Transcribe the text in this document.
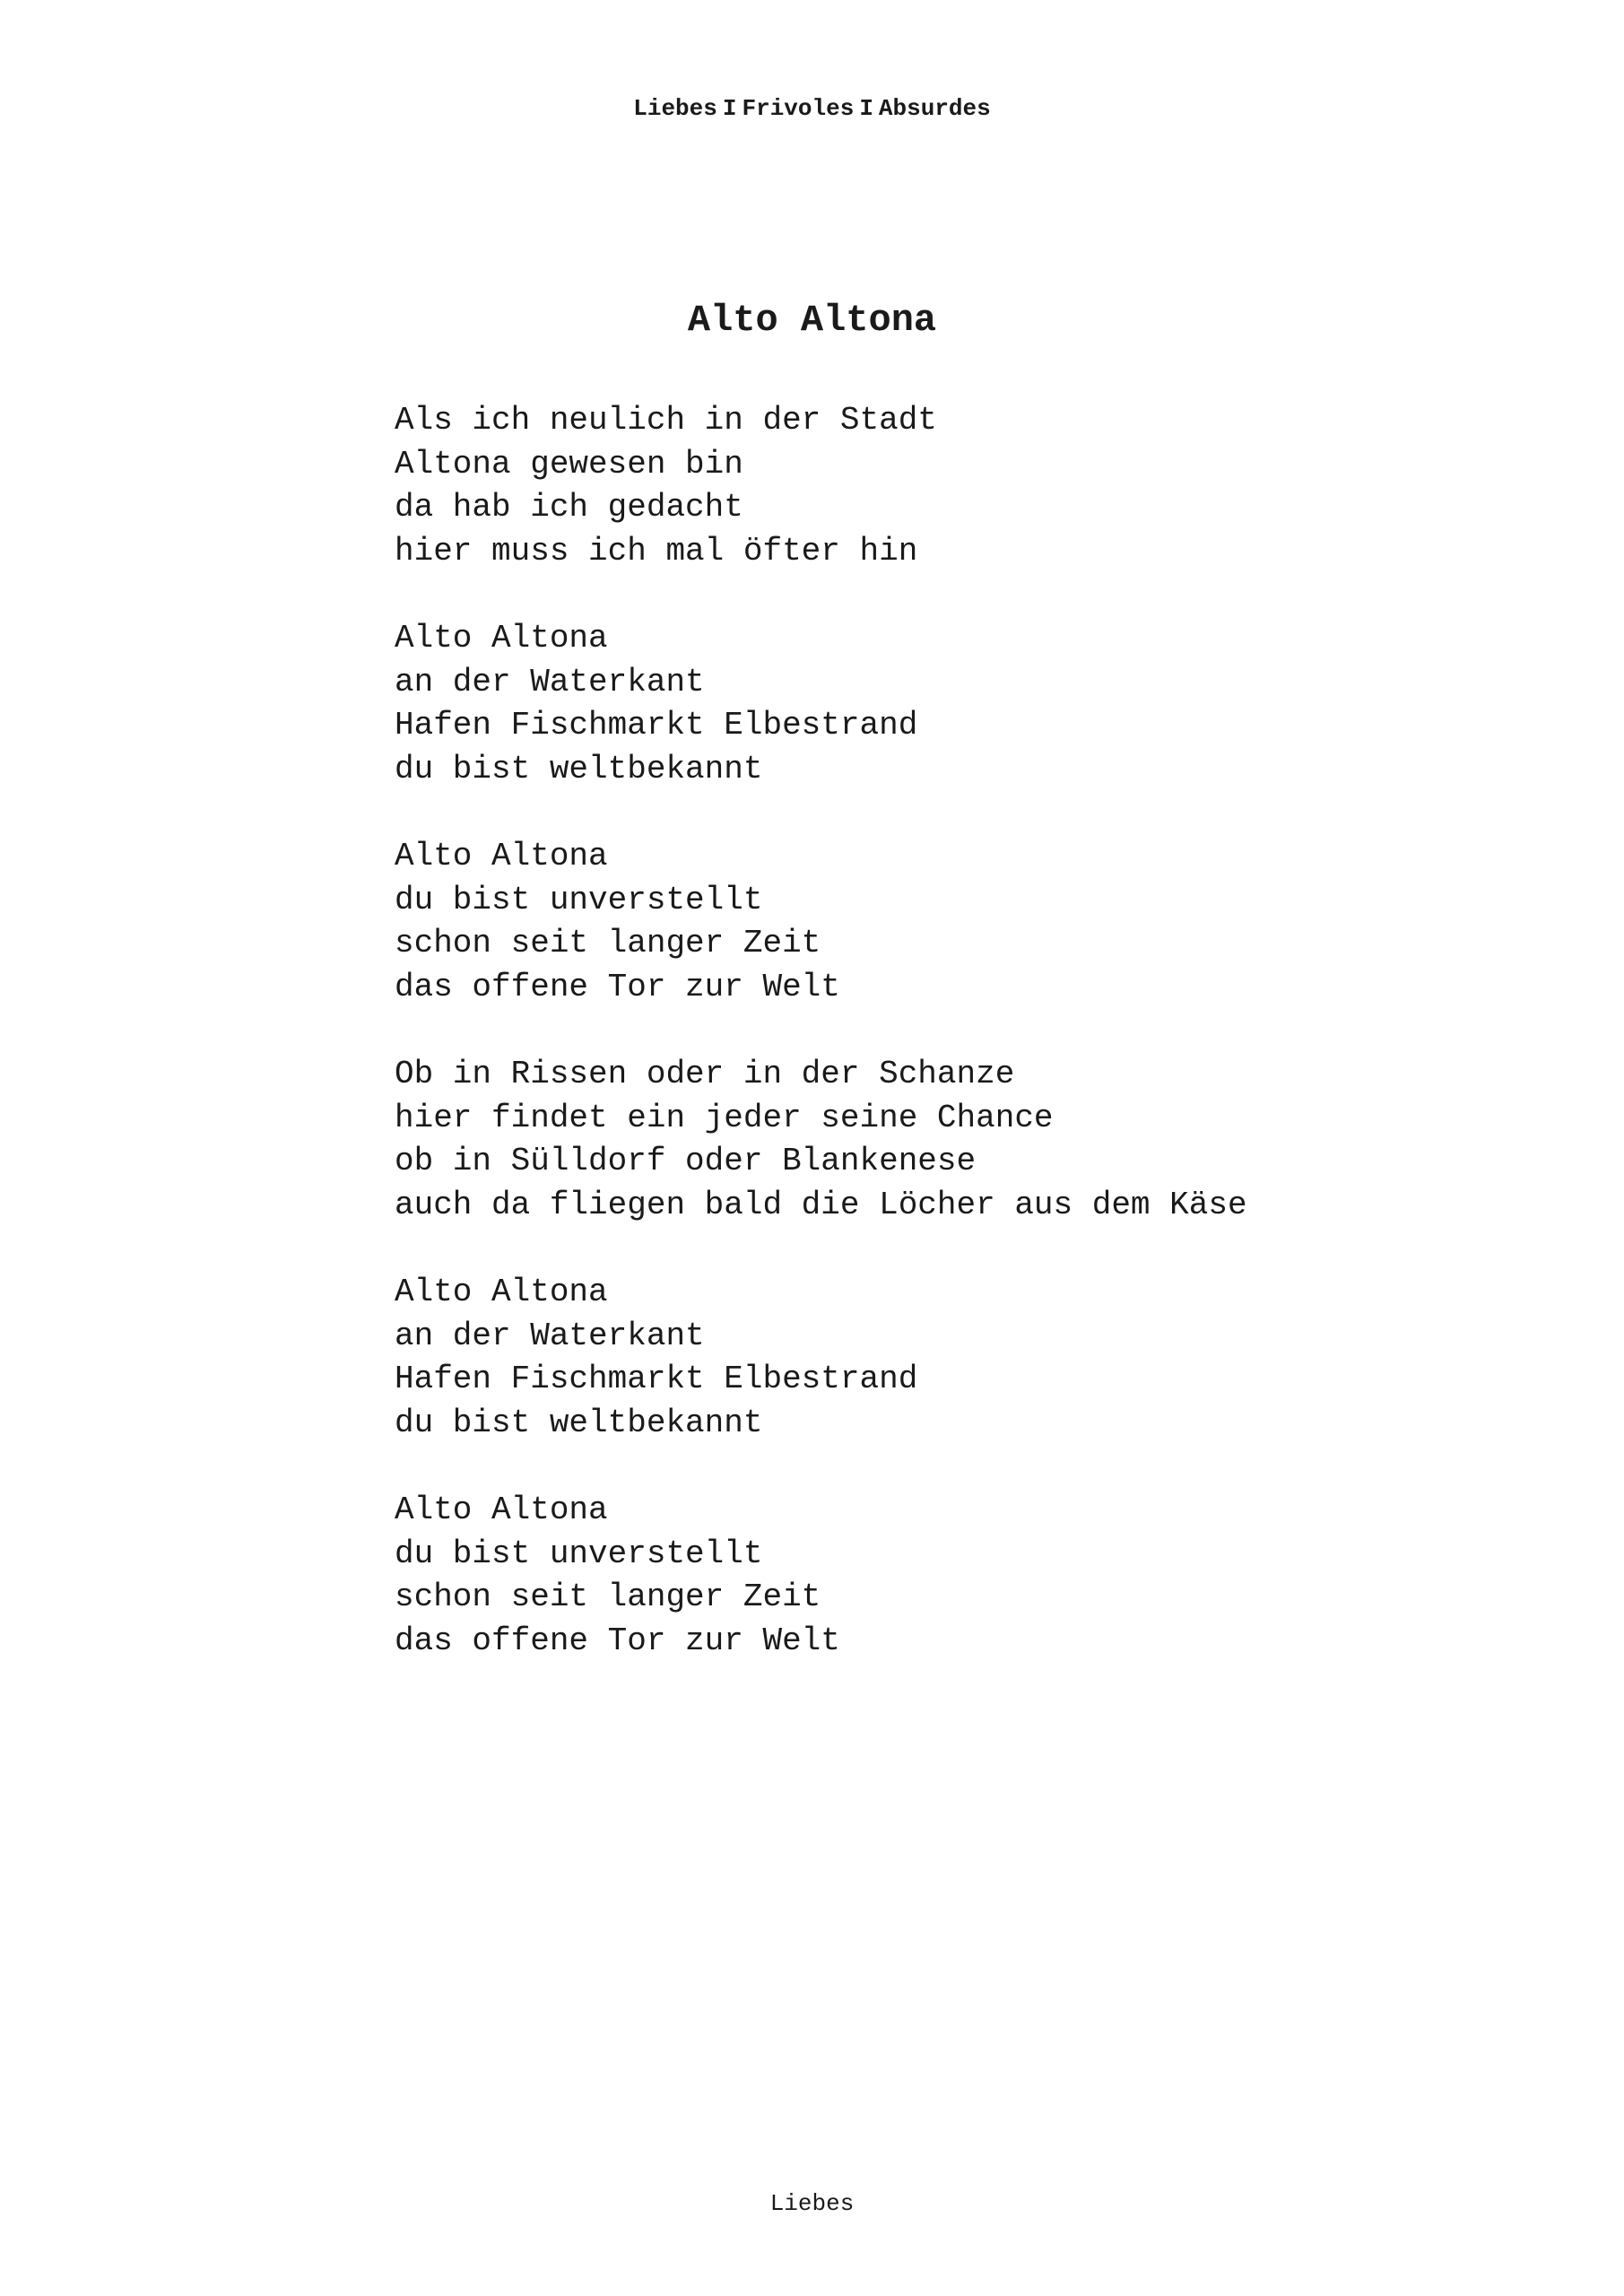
Liebes I Frivoles I Absurdes
Alto Altona
Als ich neulich in der Stadt
Altona gewesen bin
da hab ich gedacht
hier muss ich mal öfter hin
Alto Altona
an der Waterkant
Hafen Fischmarkt Elbestrand
du bist weltbekannt
Alto Altona
du bist unverstellt
schon seit langer Zeit
das offene Tor zur Welt
Ob in Rissen oder in der Schanze
hier findet ein jeder seine Chance
ob in Sülldorf oder Blankenese
auch da fliegen bald die Löcher aus dem Käse
Alto Altona
an der Waterkant
Hafen Fischmarkt Elbestrand
du bist weltbekannt
Alto Altona
du bist unverstellt
schon seit langer Zeit
das offene Tor zur Welt
Liebes
